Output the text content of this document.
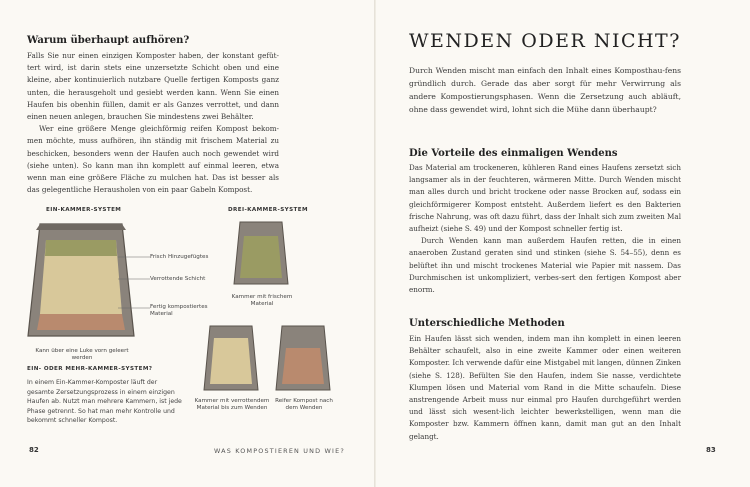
Warum überhaupt aufhören?

Falls Sie nur einen einzigen Komposter haben, der konstant gefüt-tert wird, ist darin stets eine unzersetzte Schicht oben und eine kleine, aber kontinuierlich nutzbare Quelle fertigen Komposts ganz unten, die herausgeholt und gesiebt werden kann. Wenn Sie einen Haufen bis obenhin füllen, damit er als Ganzes verrottet, und dann einen neuen anlegen, brauchen Sie mindestens zwei Behälter.

Wer eine größere Menge gleichförmig reifen Kompost bekom-men möchte, muss aufhören, ihn ständig mit frischem Material zu beschicken, besonders wenn der Haufen auch noch gewendet wird (siehe unten). So kann man ihn komplett auf einmal leeren, etwa wenn man eine größere Fläche zu mulchen hat. Das ist besser als das gelegentliche Herausholen von ein paar Gabeln Kompost.

EIN-KAMMER-SYSTEM
Frisch Hinzugefügtes
Verrottende Schicht
Fertig kompostiertes Material
Kann über eine Luke vorn geleert werden
DREI-KAMMER-SYSTEM
Kammer mit frischem Material
Kammer mit verrottendem Material bis zum Wenden
Reifer Kompost nach dem Wenden
EIN- ODER MEHR-KAMMER-SYSTEM?
In einem Ein-Kammer-Komposter läuft der gesamte Zersetzungsprozess in einem einzigen Haufen ab. Nutzt man mehrere Kammern, ist jede Phase getrennt. So hat man mehr Kontrolle und bekommt schneller Kompost.
82	WAS KOMPOSTIEREN UND WIE?
WENDEN ODER NICHT?
Durch Wenden mischt man einfach den Inhalt eines Komposthau-fens gründlich durch. Gerade das aber sorgt für mehr Verwirrung als andere Kompostierungsphasen. Wenn die Zersetzung auch abläuft, ohne dass gewendet wird, lohnt sich die Mühe dann überhaupt?
Die Vorteile des einmaligen Wendens

Das Material am trockeneren, kühleren Rand eines Haufens zersetzt sich langsamer als in der feuchteren, wärmeren Mitte. Durch Wenden mischt man alles durch und bricht trockene oder nasse Brocken auf, sodass ein gleichförmigerer Kompost entsteht. Außerdem liefert es den Bakterien frische Nahrung, was oft dazu führt, dass der Inhalt sich zum zweiten Mal aufheizt (siehe S. 49) und der Kompost schneller fertig ist.

Durch Wenden kann man außerdem Haufen retten, die in einen anaeroben Zustand geraten sind und stinken (siehe S. 54–55), denn es belüftet ihn und mischt trockenes Material wie Papier mit nassem. Das Durchmischen ist unkompliziert, verbes-sert den fertigen Kompost aber enorm.

Unterschiedliche Methoden

Ein Haufen lässt sich wenden, indem man ihn komplett in einen leeren Behälter schaufelt, also in eine zweite Kammer oder einen weiteren Komposter. Ich verwende dafür eine Mistgabel mit langen, dünnen Zinken (siehe S. 128). Befülten Sie den Haufen, indem Sie nasse, verdichtete Klumpen lösen und Material vom Rand in die Mitte schaufeln. Diese anstrengende Arbeit muss nur einmal pro Haufen durchgeführt werden und lässt sich wesent-lich leichter bewerkstelligen, wenn man die Komposter bzw. Kammern öffnen kann, damit man gut an den Inhalt gelangt.

83
